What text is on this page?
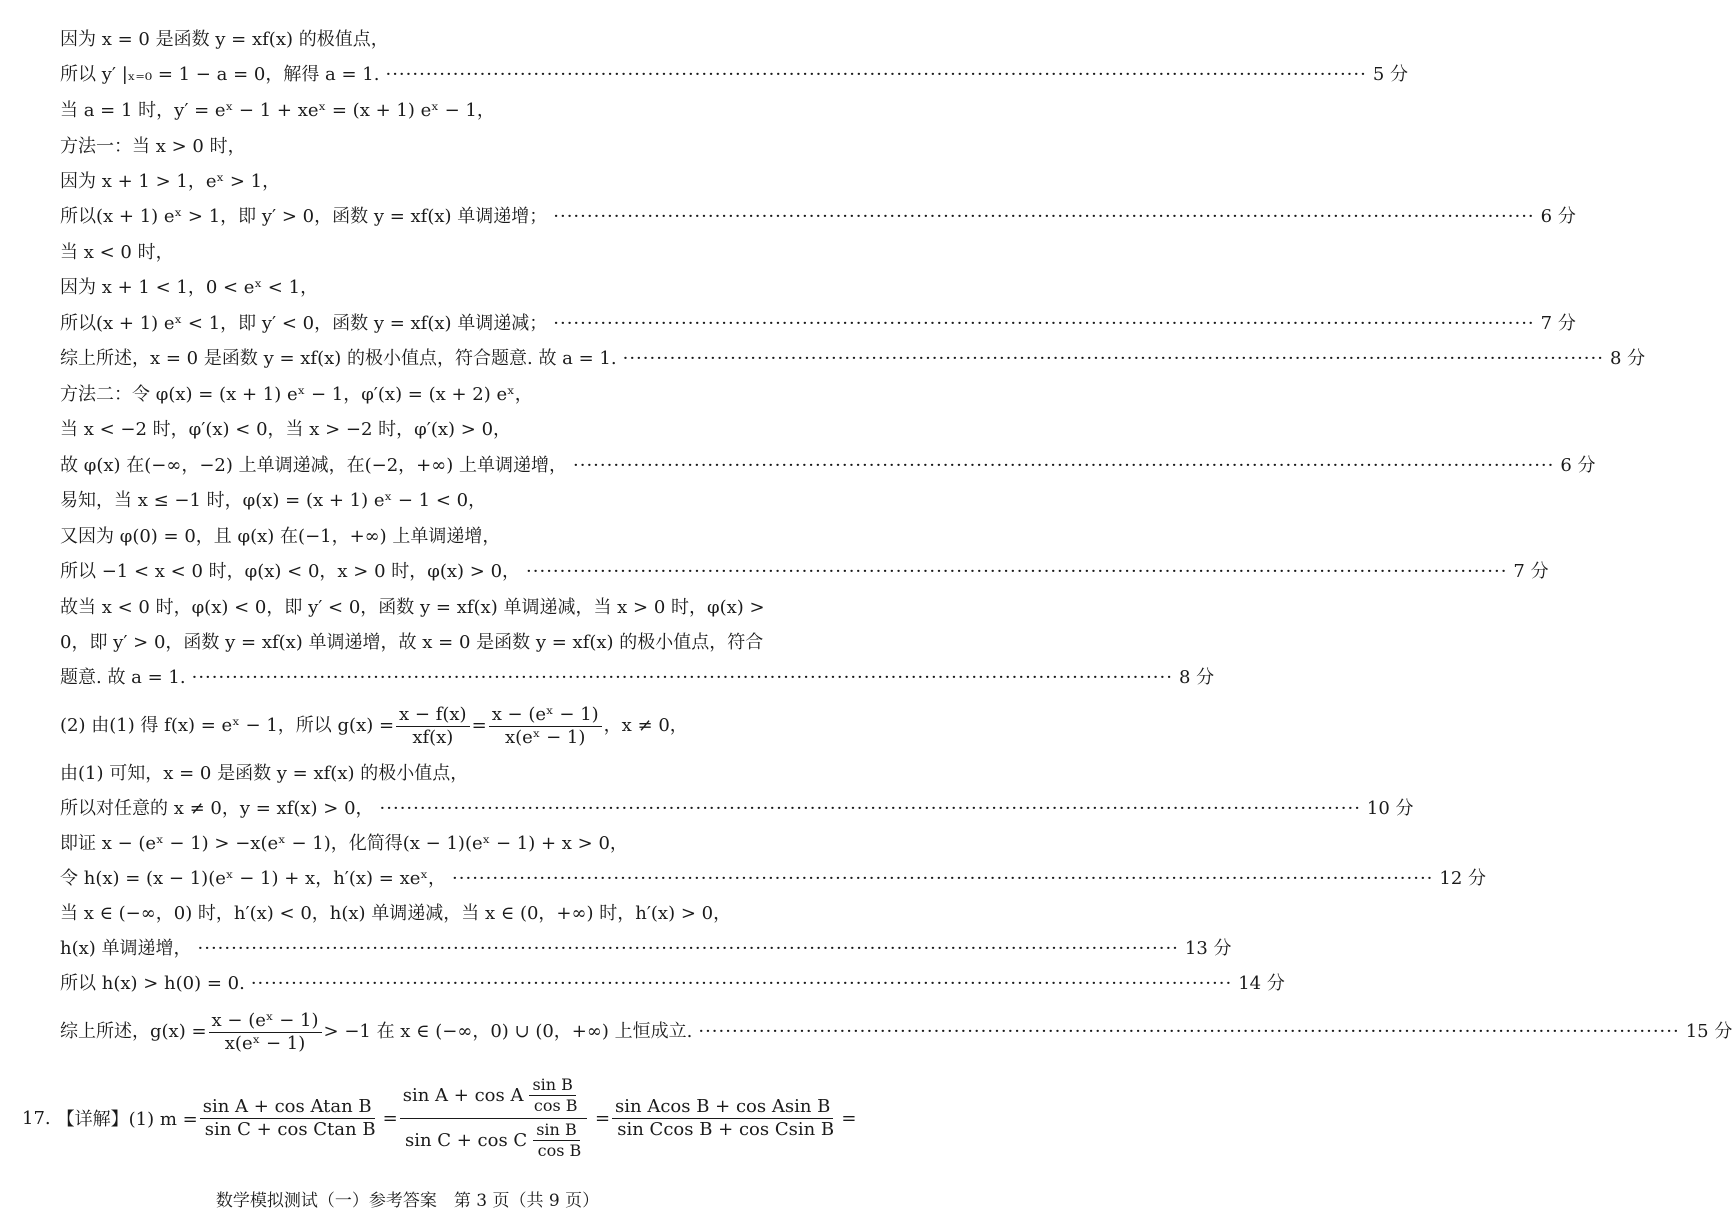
因为 x = 0 是函数 y = xf(x) 的极值点，
所以 y′ |ₓ₌₀ = 1 − a = 0，解得 a = 1. ·····	5 分
当 a = 1 时，y′ = eˣ − 1 + xeˣ = (x + 1) eˣ − 1，
方法一：当 x > 0 时，
因为 x + 1 > 1，eˣ > 1，
所以(x + 1) eˣ > 1，即 y′ > 0，函数 y = xf(x) 单调递增； ·····	6 分
当 x < 0 时，
因为 x + 1 < 1，0 < eˣ < 1，
所以(x + 1) eˣ < 1，即 y′ < 0，函数 y = xf(x) 单调递减； ·····	7 分
综上所述，x = 0 是函数 y = xf(x) 的极小值点，符合题意. 故 a = 1. ·····	8 分
方法二：令 φ(x) = (x + 1) eˣ − 1，φ′(x) = (x + 2) eˣ，
当 x < −2 时，φ′(x) < 0，当 x > −2 时，φ′(x) > 0，
故 φ(x) 在(−∞，−2) 上单调递减，在(−2，+∞) 上单调递增， ·····	6 分
易知，当 x ≤ −1 时，φ(x) = (x + 1) eˣ − 1 < 0，
又因为 φ(0) = 0，且 φ(x) 在(−1，+∞) 上单调递增，
所以 −1 < x < 0 时，φ(x) < 0，x > 0 时，φ(x) > 0， ·····	7 分
故当 x < 0 时，φ(x) < 0，即 y′ < 0，函数 y = xf(x) 单调递减，当 x > 0 时，φ(x) >
0，即 y′ > 0，函数 y = xf(x) 单调递增，故 x = 0 是函数 y = xf(x) 的极小值点，符合
题意. 故 a = 1. ·····	8 分
(2) 由(1) 得 f(x) = eˣ − 1，所以 $g(x) = \frac{x - f(x)}{xf(x)} = \frac{\text{x − (eˣ − 1)}}{\text{x(eˣ − 1)}}$ ，x ≠ 0，
由(1) 可知，x = 0 是函数 y = xf(x) 的极小值点，
所以对任意的 x ≠ 0，y = xf(x) > 0， ·····	10 分
即证 x − (eˣ − 1) > −x(eˣ − 1)，化简得(x − 1)(eˣ − 1) + x > 0，
令 h(x) = (x − 1)(eˣ − 1) + x，h′(x) = xeˣ， ·····	12 分
当 x ∈ (−∞，0) 时，h′(x) < 0，h(x) 单调递减，当 x ∈ (0，+∞) 时，h′(x) > 0，
h(x) 单调递增， ·····	13 分
所以 h(x) > h(0) = 0. ·····	14 分
综上所述，$g(x) = \frac{\text{x − (eˣ − 1)}}{\text{x(eˣ − 1)}} > -1$ 在 x ∈ (−∞，0) ∪ (0，+∞) 上恒成立. ·····	15 分
17. 【详解】(1) $m = \frac{\text{sin A + cos Atan B}}{\text{sin C + cos Ctan B}} = \frac{\sin A + \cos A \frac{\text{sin B}}{\text{cos B}}}{\sin C + \cos C \frac{\text{sin B}}{\text{cos B}}} = \frac{\text{sin Acos B + cos Asin B}}{\text{sin Ccos B + cos Csin B}}$ =
数学模拟测试（一）参考答案　第 3 页（共 9 页）
